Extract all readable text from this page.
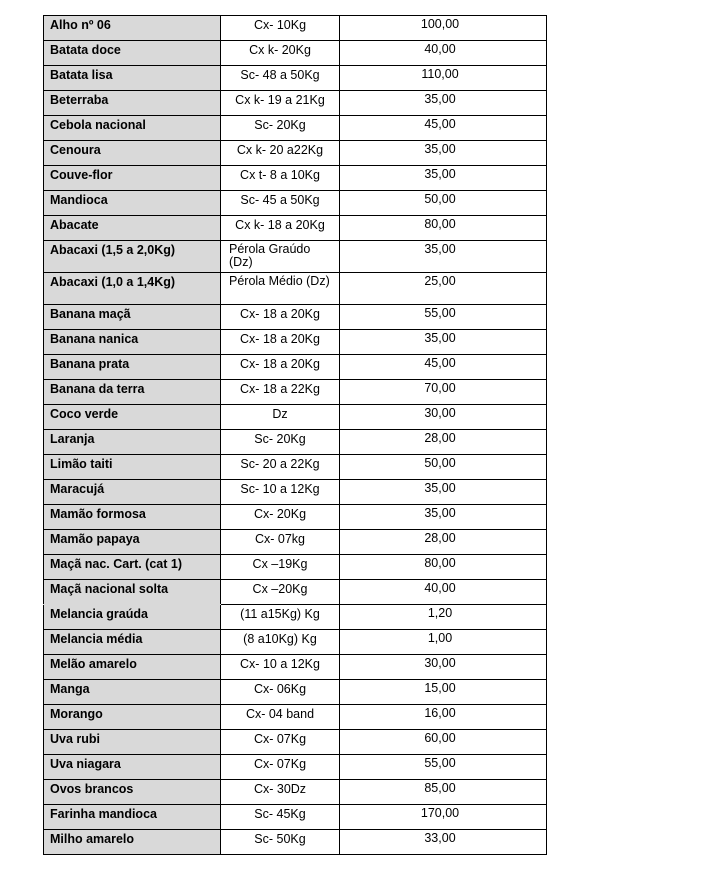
Alho nº 06	Cx- 10Kg	100,00
Batata doce	Cx k- 20Kg	40,00
Batata lisa	Sc- 48 a 50Kg	110,00
Beterraba	Cx k- 19 a 21Kg	35,00
Cebola nacional	Sc- 20Kg	45,00
Cenoura	Cx k- 20 a22Kg	35,00
Couve-flor	Cx t- 8 a 10Kg	35,00
Mandioca	Sc- 45 a 50Kg	50,00
Abacate	Cx k- 18 a 20Kg	80,00
Abacaxi (1,5 a 2,0Kg)	Pérola Graúdo (Dz)	35,00
Abacaxi (1,0 a 1,4Kg)	Pérola Médio (Dz)	25,00
Banana maçã	Cx- 18 a 20Kg	55,00
Banana nanica	Cx- 18 a 20Kg	35,00
Banana prata	Cx- 18 a 20Kg	45,00
Banana da terra	Cx- 18 a 22Kg	70,00
Coco verde	Dz	30,00
Laranja	Sc- 20Kg	28,00
Limão taiti	Sc- 20 a 22Kg	50,00
Maracujá	Sc- 10 a 12Kg	35,00
Mamão formosa	Cx- 20Kg	35,00
Mamão papaya	Cx- 07kg	28,00
Maçã nac. Cart. (cat 1)	Cx –19Kg	80,00
Maçã nacional solta	Cx –20Kg	40,00
Melancia graúda	(11 a15Kg) Kg	1,20
Melancia média	(8 a10Kg) Kg	1,00
Melão amarelo	Cx- 10 a 12Kg	30,00
Manga	Cx- 06Kg	15,00
Morango	Cx- 04 band	16,00
Uva rubi	Cx- 07Kg	60,00
Uva niagara	Cx- 07Kg	55,00
Ovos brancos	Cx- 30Dz	85,00
Farinha mandioca	Sc- 45Kg	170,00
Milho amarelo	Sc- 50Kg	33,00
